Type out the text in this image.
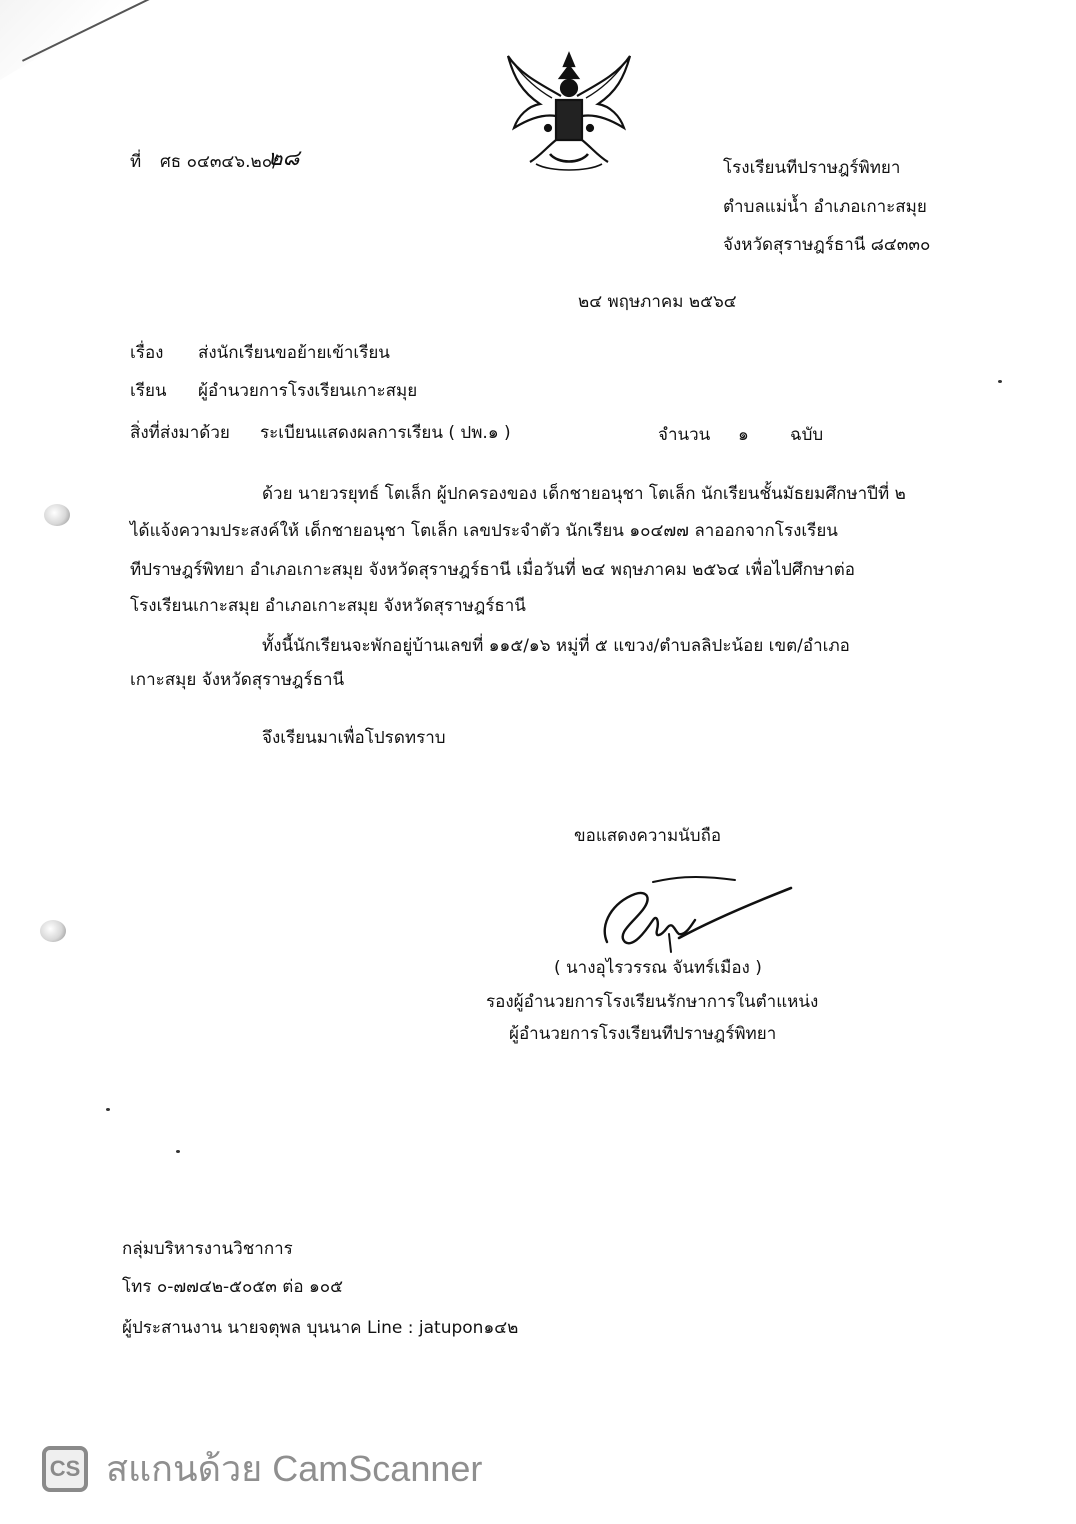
ที่ ศธ ๐๔๓๔๖.๒๐/
๒๘	โรงเรียนทีปราษฎร์พิทยา
ตำบลแม่น้ำ อำเภอเกาะสมุย
จังหวัดสุราษฎร์ธานี ๘๔๓๓๐
๒๔ พฤษภาคม ๒๕๖๔
เรื่อง ส่งนักเรียนขอย้ายเข้าเรียน
เรียน ผู้อำนวยการโรงเรียนเกาะสมุย
สิ่งที่ส่งมาด้วย ระเบียนแสดงผลการเรียน ( ปพ.๑ )	จำนวน ๑ ฉบับ
ด้วย นายวรยุทธ์ โตเล็ก ผู้ปกครองของ เด็กชายอนุชา โตเล็ก นักเรียนชั้นมัธยมศึกษาปีที่ ๒
ได้แจ้งความประสงค์ให้ เด็กชายอนุชา โตเล็ก เลขประจำตัว นักเรียน ๑๐๔๗๗ ลาออกจากโรงเรียน
ทีปราษฎร์พิทยา อำเภอเกาะสมุย จังหวัดสุราษฎร์ธานี เมื่อวันที่ ๒๔ พฤษภาคม ๒๕๖๔ เพื่อไปศึกษาต่อ
โรงเรียนเกาะสมุย อำเภอเกาะสมุย จังหวัดสุราษฎร์ธานี
ทั้งนี้นักเรียนจะพักอยู่บ้านเลขที่ ๑๑๕/๑๖ หมู่ที่ ๕ แขวง/ตำบลลิปะน้อย เขต/อำเภอ
เกาะสมุย จังหวัดสุราษฎร์ธานี
จึงเรียนมาเพื่อโปรดทราบ
ขอแสดงความนับถือ
( นางอุไรวรรณ จันทร์เมือง )
รองผู้อำนวยการโรงเรียนรักษาการในตำแหน่ง
ผู้อำนวยการโรงเรียนทีปราษฎร์พิทยา
กลุ่มบริหารงานวิชาการ
โทร ๐-๗๗๔๒-๕๐๕๓ ต่อ ๑๐๕
ผู้ประสานงาน นายจตุพล บุนนาค Line : jatupon๑๔๒
CS สแกนด้วย CamScanner
